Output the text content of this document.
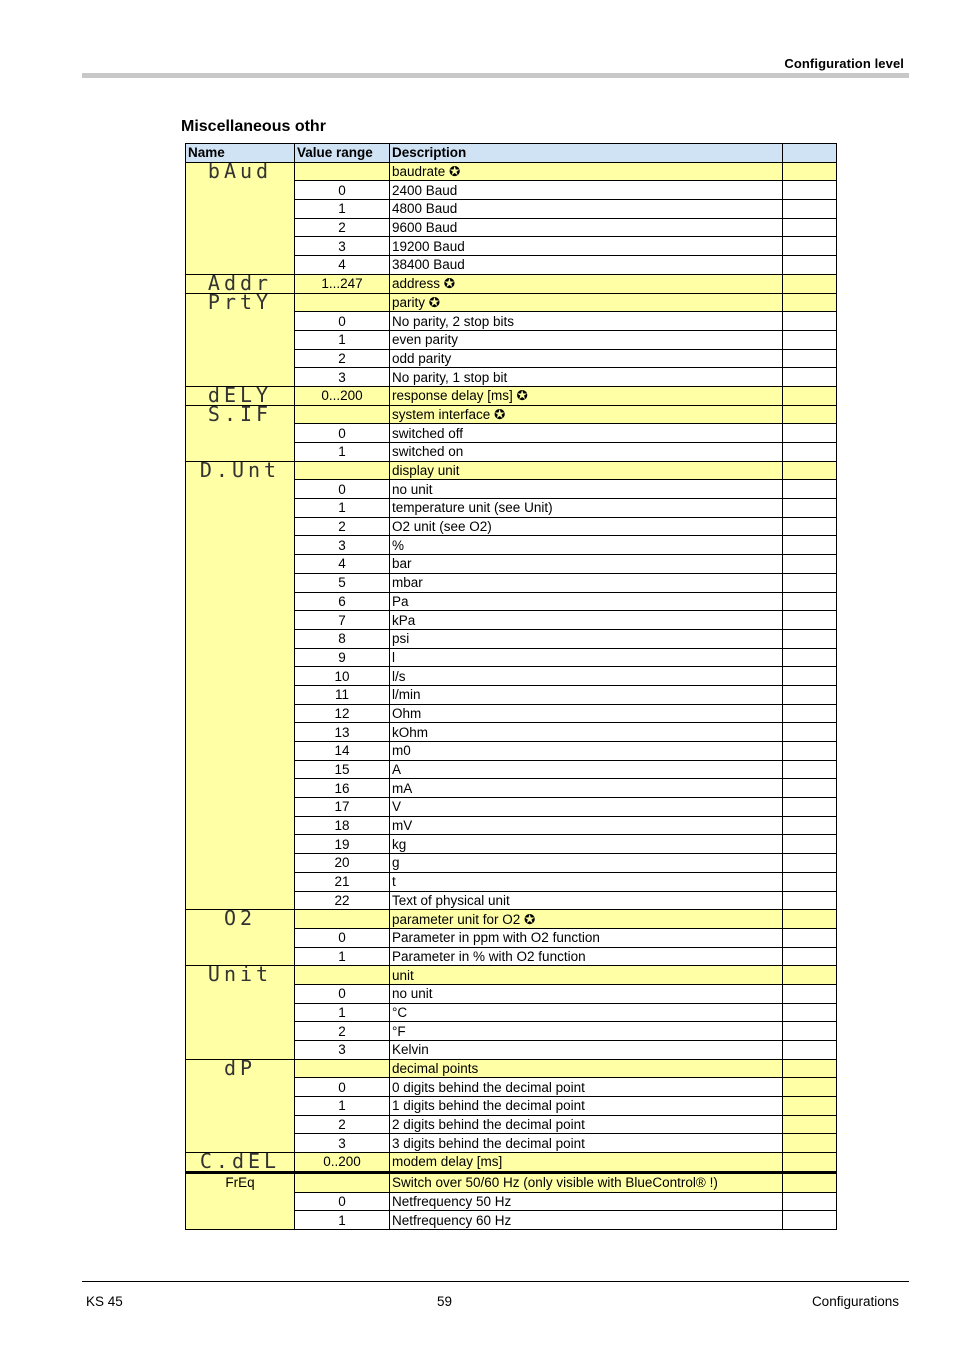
Configuration level
Miscellaneous othr
Name	Value range	Description	
bAud		baudrate ✪	
	0	2400 Baud	
	1	4800 Baud	
	2	9600 Baud	
	3	19200 Baud	
	4	38400 Baud	
Addr	1...247	address ✪	
PrtY		parity ✪	
	0	No parity, 2 stop bits	
	1	even parity	
	2	odd parity	
	3	No parity, 1 stop bit	
dELY	0...200	response delay [ms] ✪	
S.IF		system interface ✪	
	0	switched off	
	1	switched on	
D.Unt		display unit	
	0	no unit	
	1	temperature unit (see Unit)	
	2	O2 unit (see O2)	
	3	%	
	4	bar	
	5	mbar	
	6	Pa	
	7	kPa	
	8	psi	
	9	l	
	10	l/s	
	11	l/min	
	12	Ohm	
	13	kOhm	
	14	m0	
	15	A	
	16	mA	
	17	V	
	18	mV	
	19	kg	
	20	g	
	21	t	
	22	Text of physical unit	
O2		parameter unit for O2 ✪	
	0	Parameter in ppm with O2 function	
	1	Parameter in % with O2 function	
Unit		unit	
	0	no unit	
	1	°C	
	2	°F	
	3	Kelvin	
dP		decimal points	
	0	0 digits behind the decimal point	
	1	1 digits behind the decimal point	
	2	2 digits behind the decimal point	
	3	3 digits behind the decimal point	
C.dEL	0..200	modem delay [ms]	
FrEq		Switch over 50/60 Hz (only visible with BlueControl® !)	
	0	Netfrequency 50 Hz	
	1	Netfrequency 60 Hz	
KS 45	59	Configurations
